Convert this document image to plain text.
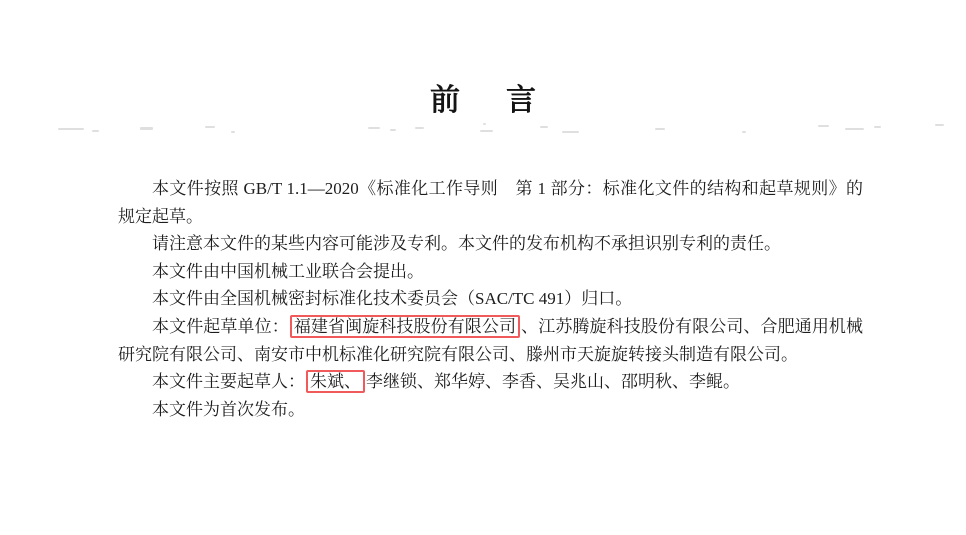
前 言

本文件按照 GB/T 1.1—2020《标准化工作导则　第 1 部分：标准化文件的结构和起草规则》的规定起草。

请注意本文件的某些内容可能涉及专利。本文件的发布机构不承担识别专利的责任。

本文件由中国机械工业联合会提出。

本文件由全国机械密封标准化技术委员会（SAC/TC 491）归口。

本文件起草单位： 福建省闽旋科技股份有限公司 、江苏腾旋科技股份有限公司、合肥通用机械研究院有限公司、南安市中机标准化研究院有限公司、滕州市天旋旋转接头制造有限公司。

本文件主要起草人： 朱斌、 李继锁、郑华婷、李香、吴兆山、邵明秋、李鲲。

本文件为首次发布。
